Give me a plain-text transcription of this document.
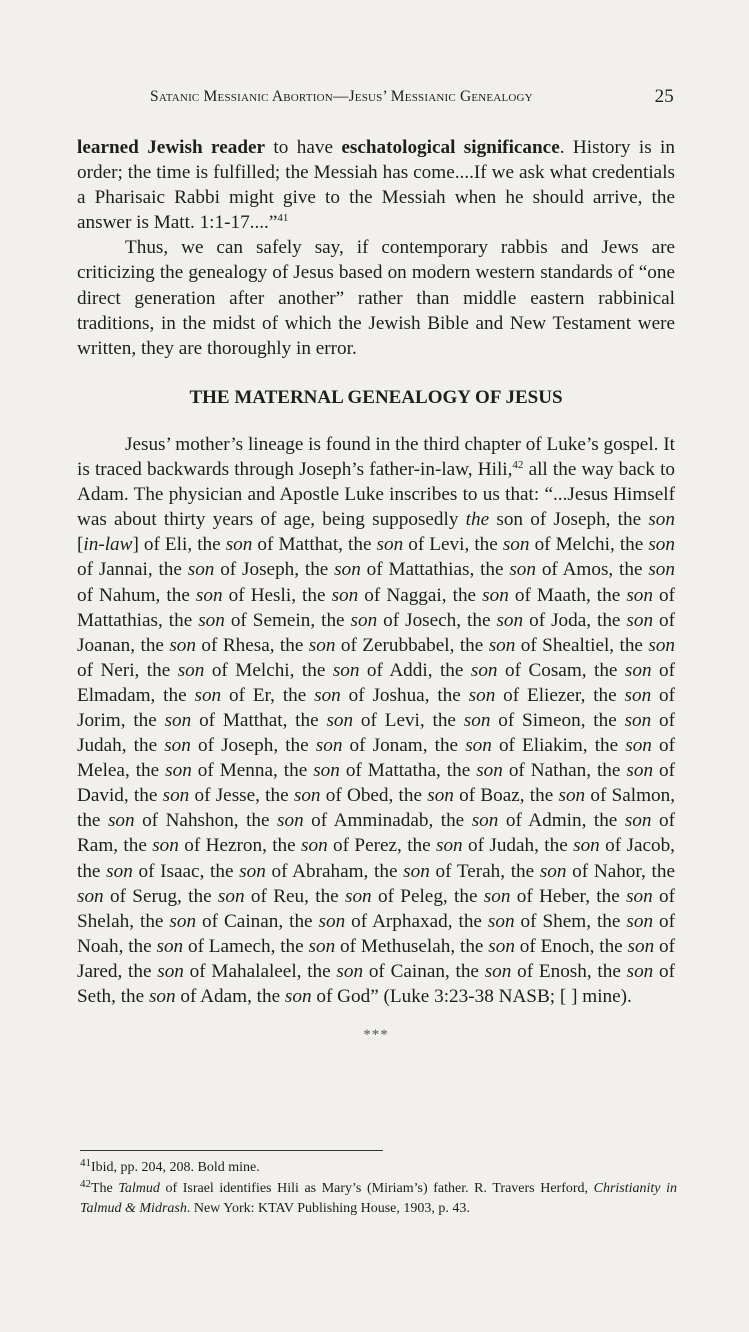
Satanic Messianic Abortion—Jesus’ Messianic Genealogy	25

learned Jewish reader to have eschatological significance. History is in order; the time is fulfilled; the Messiah has come....If we ask what credentials a Pharisaic Rabbi might give to the Messiah when he should arrive, the answer is Matt. 1:1-17....”$^{41}$

Thus, we can safely say, if contemporary rabbis and Jews are criticizing the genealogy of Jesus based on modern western standards of “one direct generation after another” rather than middle eastern rabbinical traditions, in the midst of which the Jewish Bible and New Testament were written, they are thoroughly in error.

THE MATERNAL GENEALOGY OF JESUS

Jesus’ mother’s lineage is found in the third chapter of Luke’s gospel. It is traced backwards through Joseph’s father-in-law, Hili,$^{42}$ all the way back to Adam. The physician and Apostle Luke inscribes to us that: “...Jesus Himself was about thirty years of age, being supposedly the son of Joseph, the son [in-law] of Eli, the son of Matthat, the son of Levi, the son of Melchi, the son of Jannai, the son of Joseph, the son of Mattathias, the son of Amos, the son of Nahum, the son of Hesli, the son of Naggai, the son of Maath, the son of Mattathias, the son of Semein, the son of Josech, the son of Joda, the son of Joanan, the son of Rhesa, the son of Zerubbabel, the son of Shealtiel, the son of Neri, the son of Melchi, the son of Addi, the son of Cosam, the son of Elmadam, the son of Er, the son of Joshua, the son of Eliezer, the son of Jorim, the son of Matthat, the son of Levi, the son of Simeon, the son of Judah, the son of Joseph, the son of Jonam, the son of Eliakim, the son of Melea, the son of Menna, the son of Mattatha, the son of Nathan, the son of David, the son of Jesse, the son of Obed, the son of Boaz, the son of Salmon, the son of Nahshon, the son of Amminadab, the son of Admin, the son of Ram, the son of Hezron, the son of Perez, the son of Judah, the son of Jacob, the son of Isaac, the son of Abraham, the son of Terah, the son of Nahor, the son of Serug, the son of Reu, the son of Peleg, the son of Heber, the son of Shelah, the son of Cainan, the son of Arphaxad, the son of Shem, the son of Noah, the son of Lamech, the son of Methuselah, the son of Enoch, the son of Jared, the son of Mahalaleel, the son of Cainan, the son of Enosh, the son of Seth, the son of Adam, the son of God” (Luke 3:23-38 NASB; [ ] mine).

***

$^{41}$Ibid, pp. 204, 208. Bold mine.

$^{42}$The Talmud of Israel identifies Hili as Mary’s (Miriam’s) father. R. Travers Herford, Christianity in Talmud & Midrash. New York: KTAV Publishing House, 1903, p. 43.
